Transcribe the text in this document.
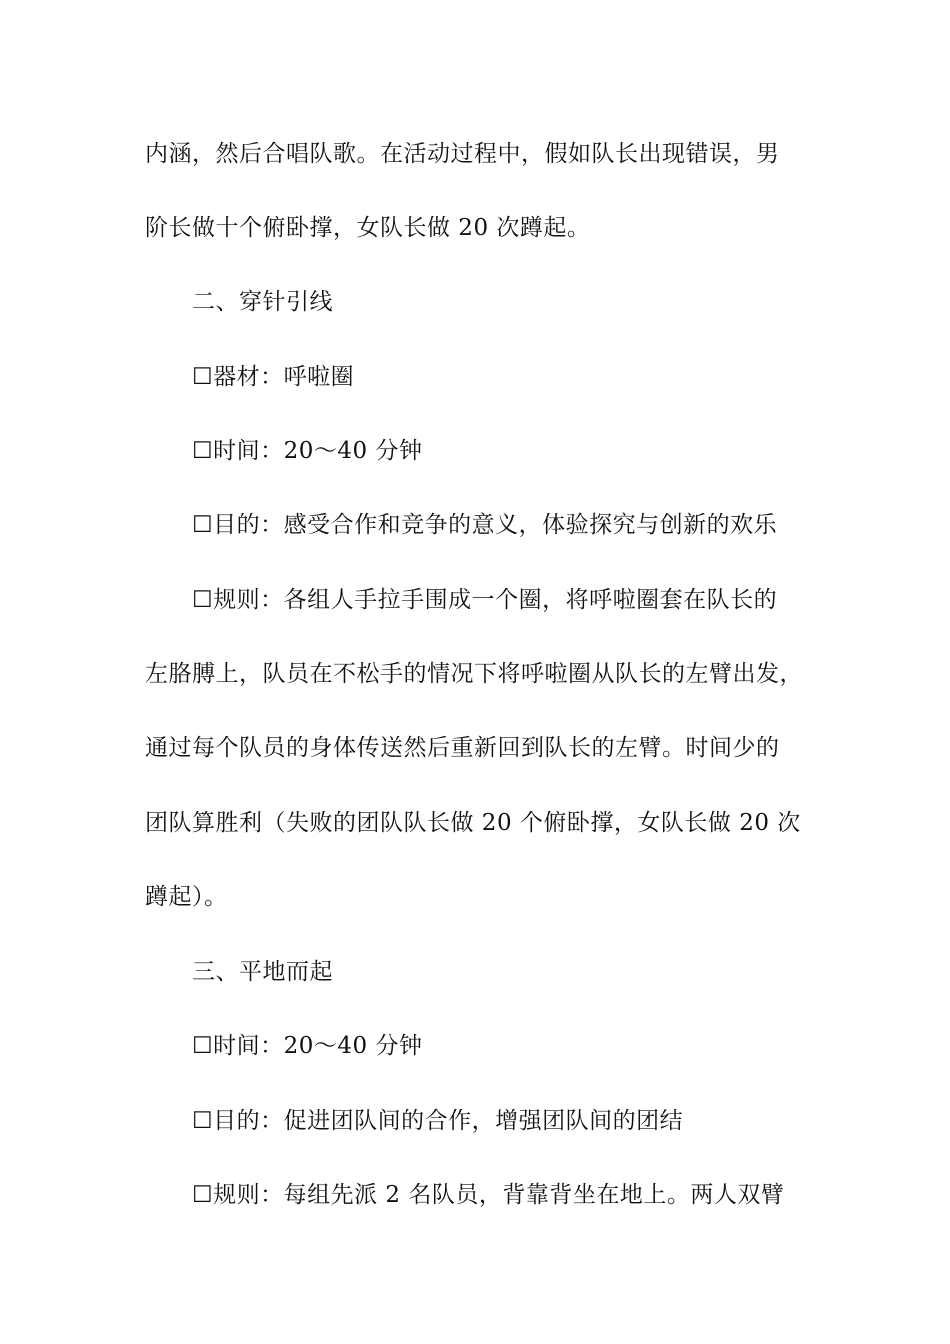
内涵，然后合唱队歌。在活动过程中，假如队长出现错误，男
阶长做十个俯卧撑，女队长做 20 次蹲起。
二、穿针引线
☐器材：呼啦圈
☐时间：20～40 分钟
☐目的：感受合作和竞争的意义，体验探究与创新的欢乐
☐规则：各组人手拉手围成一个圈，将呼啦圈套在队长的
左胳膊上，队员在不松手的情况下将呼啦圈从队长的左臂出发，
通过每个队员的身体传送然后重新回到队长的左臂。时间少的
团队算胜利（失败的团队队长做 20 个俯卧撑，女队长做 20 次
蹲起）。
三、平地而起
☐时间：20～40 分钟
☐目的：促进团队间的合作，增强团队间的团结
☐规则：每组先派 2 名队员，背靠背坐在地上。两人双臂
